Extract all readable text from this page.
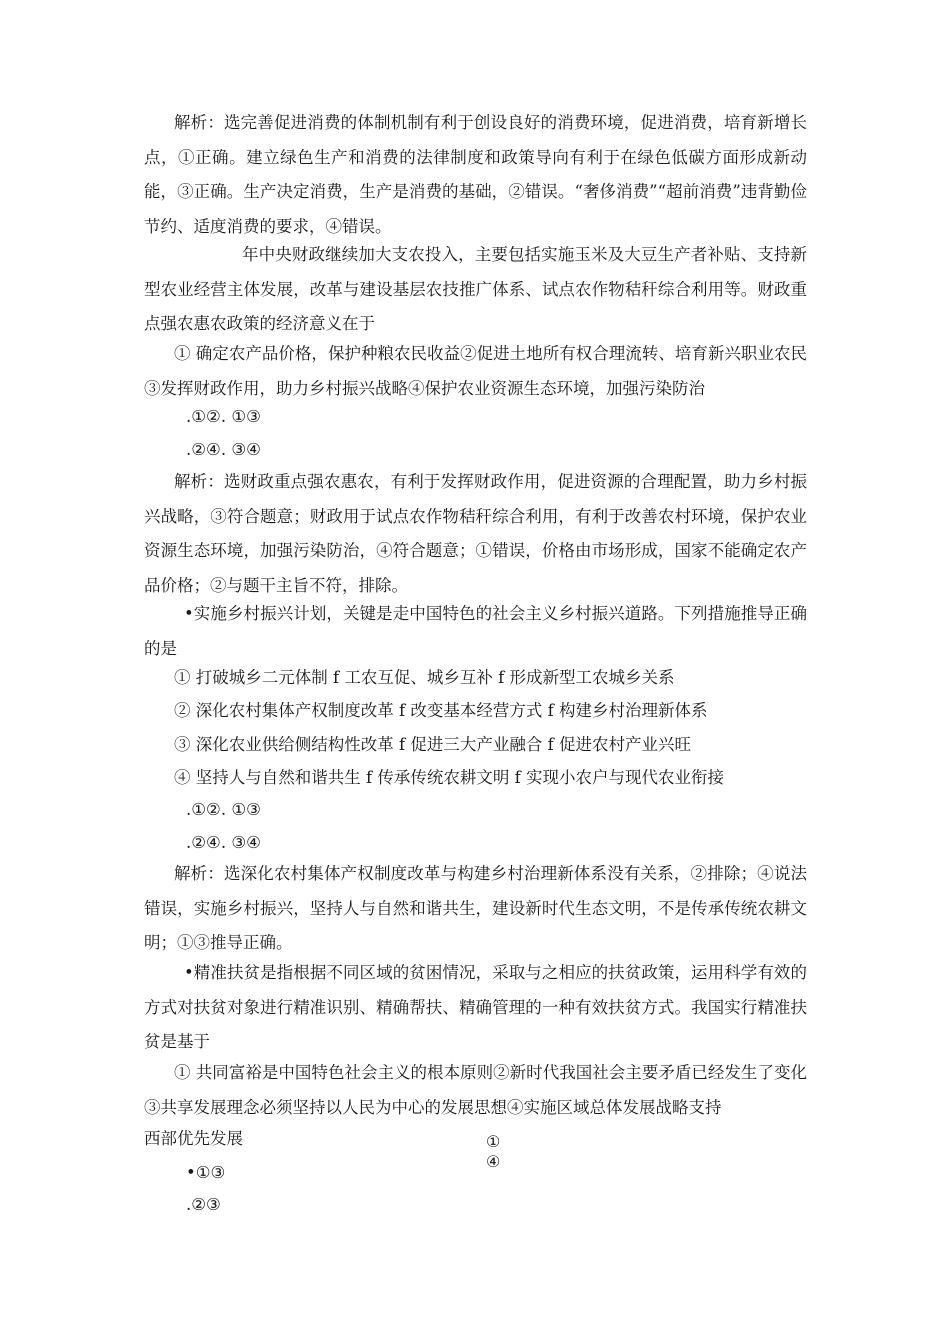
解析：选完善促进消费的体制机制有利于创设良好的消费环境，促进消费，培育新增长点，①正确。建立绿色生产和消费的法律制度和政策导向有利于在绿色低碳方面形成新动能，③正确。生产决定消费，生产是消费的基础，②错误。“奢侈消费”“超前消费”违背勤俭节约、适度消费的要求，④错误。
年中央财政继续加大支农投入，主要包括实施玉米及大豆生产者补贴、支持新型农业经营主体发展，改革与建设基层农技推广体系、试点农作物秸秆综合利用等。财政重点强农惠农政策的经济意义在于
① 确定农产品价格，保护种粮农民收益②促进土地所有权合理流转、培育新兴职业农民③发挥财政作用，助力乡村振兴战略④保护农业资源生态环境，加强污染防治
.①②. ①③
.②④. ③④
解析：选财政重点强农惠农，有利于发挥财政作用，促进资源的合理配置，助力乡村振兴战略，③符合题意；财政用于试点农作物秸秆综合利用，有利于改善农村环境，保护农业资源生态环境，加强污染防治，④符合题意；①错误，价格由市场形成，国家不能确定农产品价格；②与题干主旨不符，排除。
•实施乡村振兴计划，关键是走中国特色的社会主义乡村振兴道路。下列措施推导正确的是
① 打破城乡二元体制 f 工农互促、城乡互补 f 形成新型工农城乡关系
② 深化农村集体产权制度改革 f 改变基本经营方式 f 构建乡村治理新体系
③ 深化农业供给侧结构性改革 f 促进三大产业融合 f 促进农村产业兴旺
④ 坚持人与自然和谐共生 f 传承传统农耕文明 f 实现小农户与现代农业衔接
.①②. ①③
.②④. ③④
解析：选深化农村集体产权制度改革与构建乡村治理新体系没有关系，②排除；④说法错误，实施乡村振兴，坚持人与自然和谐共生，建设新时代生态文明，不是传承传统农耕文明；①③推导正确。
•精准扶贫是指根据不同区域的贫困情况，采取与之相应的扶贫政策，运用科学有效的方式对扶贫对象进行精准识别、精确帮扶、精确管理的一种有效扶贫方式。我国实行精准扶贫是基于
① 共同富裕是中国特色社会主义的根本原则②新时代我国社会主要矛盾已经发生了变化③共享发展理念必须坚持以人民为中心的发展思想④实施区域总体发展战略支持
西部优先发展	①
④
•①③
.②③
